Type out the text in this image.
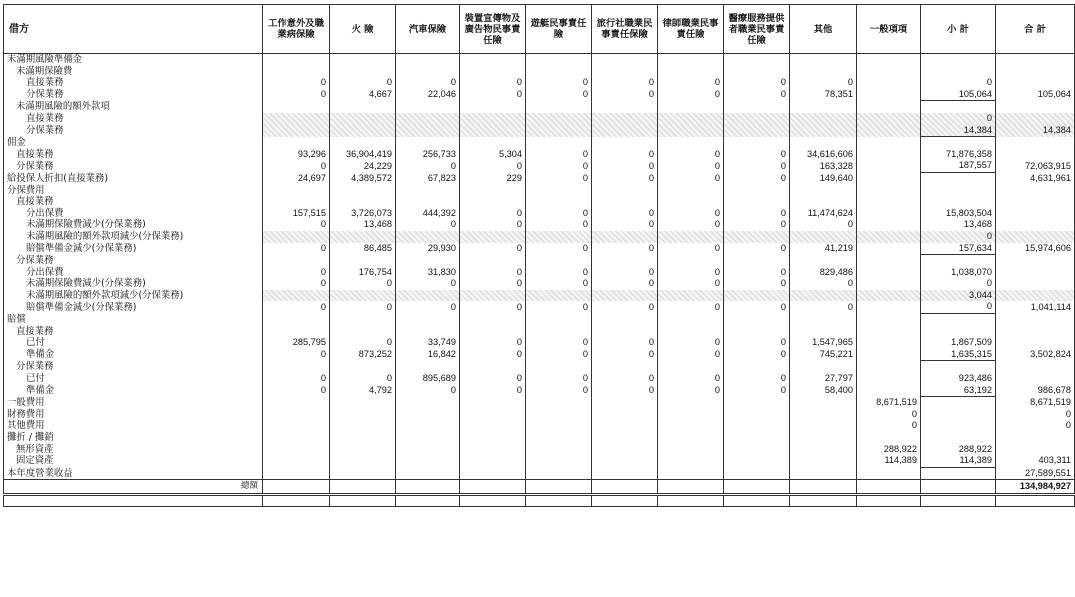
借方	工作意外及職業病保險	火 險	汽車保險	裝置宣傳物及廣告物民事責任險	遊艇民事責任險	旅行社職業民事責任保險	律師職業民事責任險	醫療服務提供者職業民事責任險	其他	一般項項	小 計	合 計
未滿期風險準備金												
未滿期保險費												
直接業務	0	0	0	0	0	0	0	0	0		0	
分保業務	0	4,667	22,046	0	0	0	0	0	78,351		105,064	105,064
未滿期風險的額外款項												
直接業務											0	
分保業務											14,384	14,384
佣金												
直接業務	93,296	36,904,419	256,733	5,304	0	0	0	0	34,616,606		71,876,358	
分保業務	0	24,229	0	0	0	0	0	0	163,328		187,557	72,063,915
給投保人折扣(直接業務)	24,697	4,389,572	67,823	229	0	0	0	0	149,640			4,631,961
分保費用												
直接業務												
分出保費	157,515	3,726,073	444,392	0	0	0	0	0	11,474,624		15,803,504	
未滿期保險費減少(分保業務)	0	13,468	0	0	0	0	0	0	0		13,468	
未滿期風險的額外款項減少(分保業務)											0	
賠償準備金減少(分保業務)	0	86,485	29,930	0	0	0	0	0	41,219		157,634	15,974,606
分保業務												
分出保費	0	176,754	31,830	0	0	0	0	0	829,486		1,038,070	
未滿期保險費減少(分保業務)	0	0	0	0	0	0	0	0	0		0	
未滿期風險的額外款項減少(分保業務)											3,044	
賠償準備金減少(分保業務)	0	0	0	0	0	0	0	0	0		0	1,041,114
賠償												
直接業務												
已付	285,795	0	33,749	0	0	0	0	0	1,547,965		1,867,509	
準備金	0	873,252	16,842	0	0	0	0	0	745,221		1,635,315	3,502,824
分保業務												
已付	0	0	895,689	0	0	0	0	0	27,797		923,486	
準備金	0	4,792	0	0	0	0	0	0	58,400		63,192	986,678
一般費用										8,671,519		8,671,519
財務費用										0		0
其他費用										0		0
攤折 / 攤銷												
無形資產										288,922	288,922	
固定資產										114,389	114,389	403,311
本年度營業收益												27,589,551
總額												134,984,927
